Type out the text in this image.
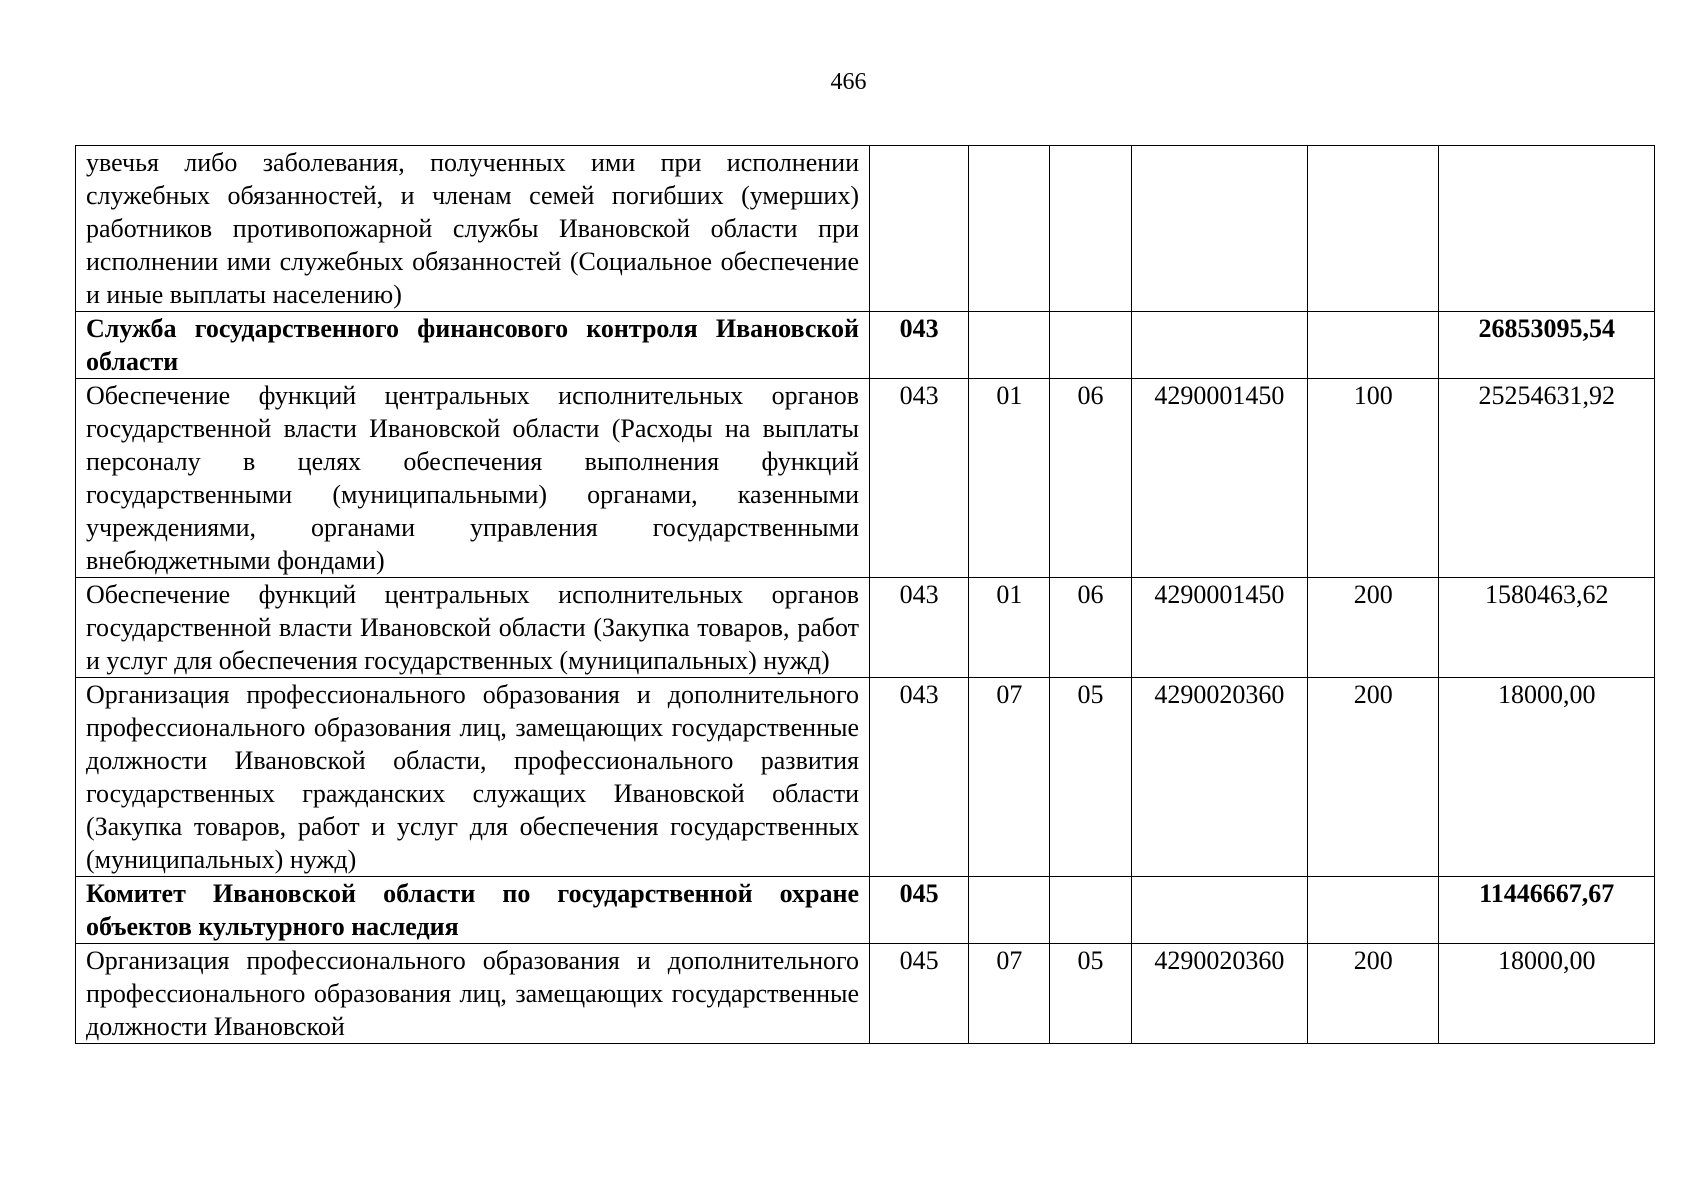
466
увечья либо заболевания, полученных ими при исполнении служебных обязанностей, и членам семей погибших (умерших) работников противопожарной службы Ивановской области при исполнении ими служебных обязанностей (Социальное обеспечение и иные выплаты населению)						
Служба государственного финансового контроля Ивановской области	043					26853095,54
Обеспечение функций центральных исполнительных органов государственной власти Ивановской области (Расходы на выплаты персоналу в целях обеспечения выполнения функций государственными (муниципальными) органами, казенными учреждениями, органами управления государственными внебюджетными фондами)	043	01	06	4290001450	100	25254631,92
Обеспечение функций центральных исполнительных органов государственной власти Ивановской области (Закупка товаров, работ и услуг для обеспечения государственных (муниципальных) нужд)	043	01	06	4290001450	200	1580463,62
Организация профессионального образования и дополнительного профессионального образования лиц, замещающих государственные должности Ивановской области, профессионального развития государственных гражданских служащих Ивановской области (Закупка товаров, работ и услуг для обеспечения государственных (муниципальных) нужд)	043	07	05	4290020360	200	18000,00
Комитет Ивановской области по государственной охране объектов культурного наследия	045					11446667,67
Организация профессионального образования и дополнительного профессионального образования лиц, замещающих государственные должности Ивановской	045	07	05	4290020360	200	18000,00
